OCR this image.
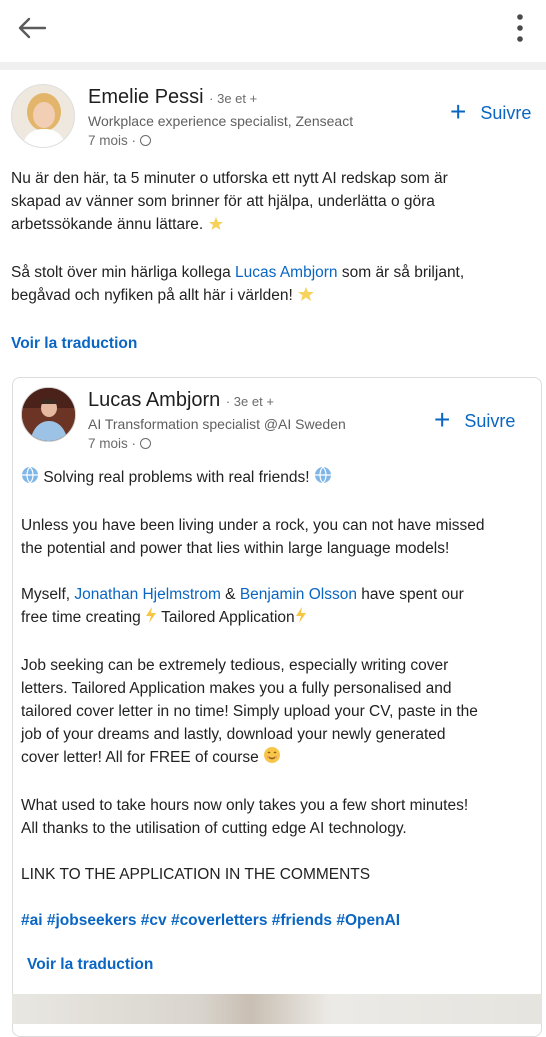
Emelie Pessi · 3e et +
Workplace experience specialist, Zenseact
7 mois ·
+ Suivre
Nu är den här, ta 5 minuter o utforska ett nytt AI redskap som är
skapad av vänner som brinner för att hjälpa, underlätta o göra
arbetssökande ännu lättare.
Så stolt över min härliga kollega Lucas Ambjorn som är så briljant,
begåvad och nyfiken på allt här i världen!
Voir la traduction
Lucas Ambjorn · 3e et +
AI Transformation specialist @AI Sweden
7 mois ·
+ Suivre
Solving real problems with real friends!
Unless you have been living under a rock, you can not have missed
the potential and power that lies within large language models!
Myself, Jonathan Hjelmstrom & Benjamin Olsson have spent our
free time creating  Tailored Application
Job seeking can be extremely tedious, especially writing cover
letters. Tailored Application makes you a fully personalised and
tailored cover letter in no time! Simply upload your CV, paste in the
job of your dreams and lastly, download your newly generated
cover letter! All for FREE of course
What used to take hours now only takes you a few short minutes!
All thanks to the utilisation of cutting edge AI technology.
LINK TO THE APPLICATION IN THE COMMENTS
#ai #jobseekers #cv #coverletters #friends #OpenAI
Voir la traduction
